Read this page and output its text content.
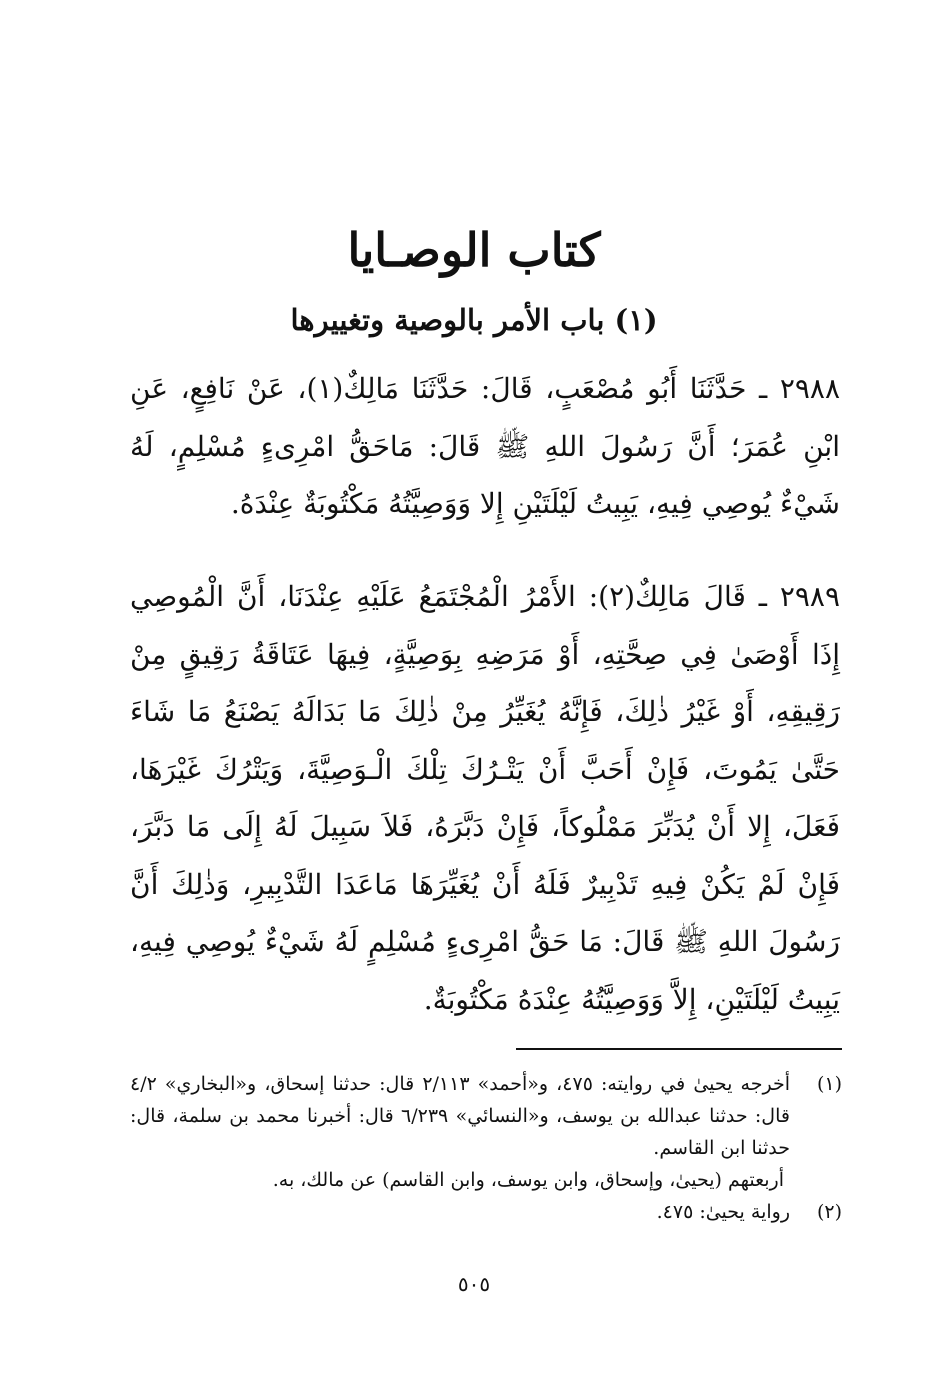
كتاب الوصـايا
(١) باب الأمر بالوصية وتغييرها
٢٩٨٨ ـ حَدَّثَنَا أَبُو مُصْعَبٍ، قَالَ: حَدَّثَنَا مَالِكٌ(١)، عَنْ نَافِعٍ، عَنِ ابْنِ عُمَرَ؛ أَنَّ رَسُولَ اللهِ ﷺ قَالَ: مَاحَقُّ امْرِىءٍ مُسْلِمٍ، لَهُ شَيْءٌ يُوصِي فِيهِ، يَبِيتُ لَيْلَتَيْنِ إِلا وَوَصِيَّتُهُ مَكْتُوبَةٌ عِنْدَهُ.
٢٩٨٩ ـ قَالَ مَالِكٌ(٢): الأَمْرُ الْمُجْتَمَعُ عَلَيْهِ عِنْدَنَا، أَنَّ الْمُوصِي إِذَا أَوْصَىٰ فِي صِحَّتِهِ، أَوْ مَرَضِهِ بِوَصِيَّةٍ، فِيهَا عَتَاقَةُ رَقِيقٍ مِنْ رَقِيقِهِ، أَوْ غَيْرُ ذٰلِكَ، فَإِنَّهُ يُغَيِّرُ مِنْ ذٰلِكَ مَا بَدَالَهُ يَصْنَعُ مَا شَاءَ حَتَّىٰ يَمُوتَ، فَإِنْ أَحَبَّ أَنْ يَتْـرُكَ تِلْكَ الْـوَصِيَّةَ، وَيَتْرُكَ غَيْرَهَا، فَعَلَ، إِلا أَنْ يُدَبِّرَ مَمْلُوكاً، فَإِنْ دَبَّرَهُ، فَلاَ سَبِيلَ لَهُ إِلَى مَا دَبَّرَ، فَإِنْ لَمْ يَكُنْ فِيهِ تَدْبِيرٌ فَلَهُ أَنْ يُغَيِّرَهَا مَاعَدَا التَّدْبِيرِ، وَذٰلِكَ أَنَّ رَسُولَ اللهِ ﷺ قَالَ: مَا حَقُّ امْرِىءٍ مُسْلِمٍ لَهُ شَيْءٌ يُوصِي فِيهِ، يَبِيتُ لَيْلَتَيْنِ، إِلاَّ وَوَصِيَّتُهُ عِنْدَهُ مَكْتُوبَةٌ.
(١)
أخرجه يحيىٰ في روايته: ٤٧٥، و«أحمد» ٢/١١٣ قال: حدثنا إسحاق، و«البخاري» ٤/٢ قال: حدثنا عبدالله بن يوسف، و«النسائي» ٦/٢٣٩ قال: أخبرنا محمد بن سلمة، قال: حدثنا ابن القاسم.
أربعتهم (يحيىٰ، وإسحاق، وابن يوسف، وابن القاسم) عن مالك، به.
(٢)
رواية يحيىٰ: ٤٧٥.
٥٠٥
